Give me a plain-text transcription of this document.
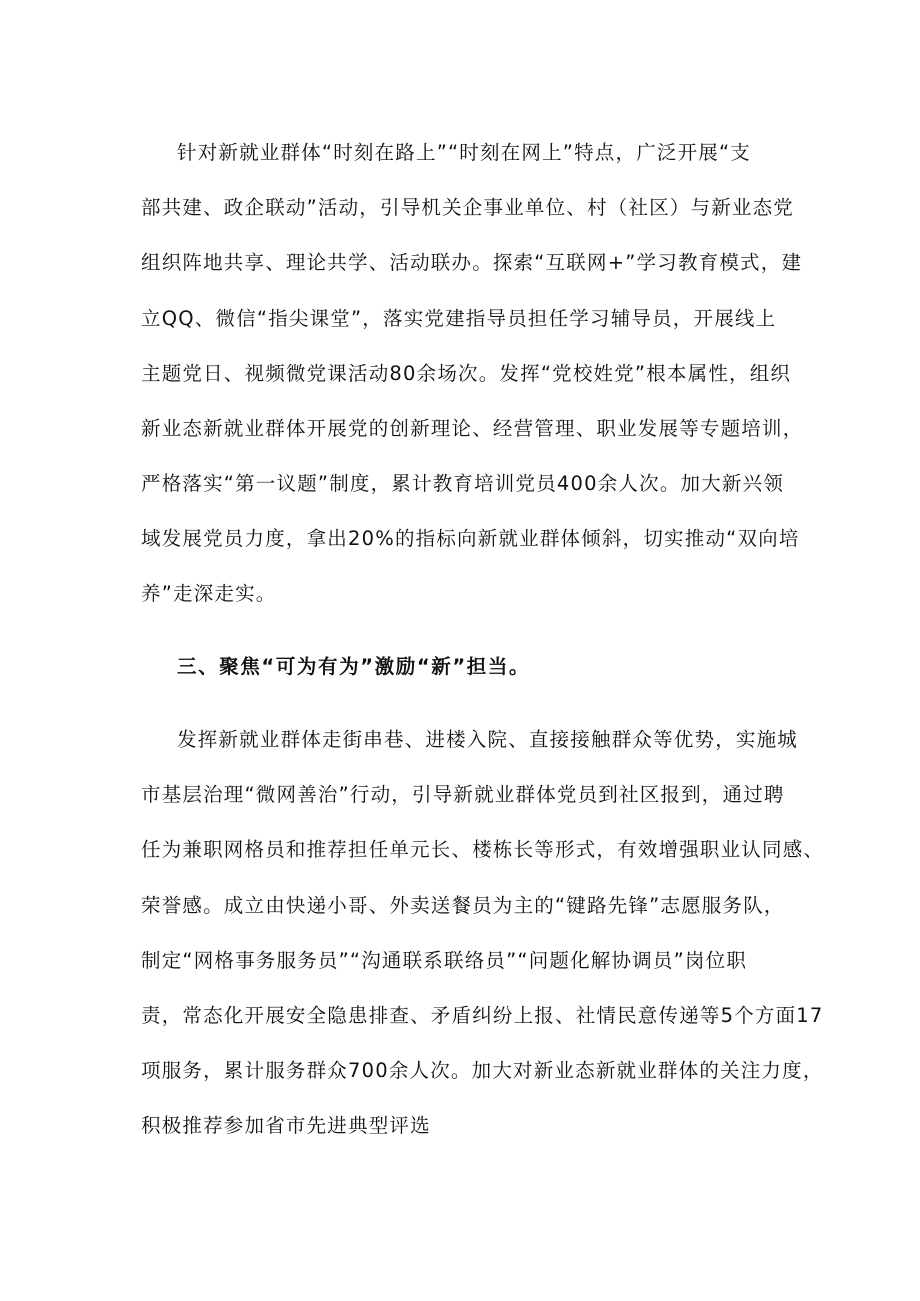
针对新就业群体“时刻在路上”“时刻在网上”特点，广泛开展“支
部共建、政企联动”活动，引导机关企事业单位、村（社区）与新业态党
组织阵地共享、理论共学、活动联办。探索“互联网+”学习教育模式，建
立QQ、微信“指尖课堂”，落实党建指导员担任学习辅导员，开展线上
主题党日、视频微党课活动80余场次。发挥“党校姓党”根本属性，组织
新业态新就业群体开展党的创新理论、经营管理、职业发展等专题培训，
严格落实“第一议题”制度，累计教育培训党员400余人次。加大新兴领
域发展党员力度，拿出20%的指标向新就业群体倾斜，切实推动“双向培
养”走深走实。
三、聚焦“可为有为”激励“新”担当。
发挥新就业群体走街串巷、进楼入院、直接接触群众等优势，实施城
市基层治理“微网善治”行动，引导新就业群体党员到社区报到，通过聘
任为兼职网格员和推荐担任单元长、楼栋长等形式，有效增强职业认同感、
荣誉感。成立由快递小哥、外卖送餐员为主的“键路先锋”志愿服务队，
制定“网格事务服务员”“沟通联系联络员”“问题化解协调员”岗位职
责，常态化开展安全隐患排查、矛盾纠纷上报、社情民意传递等5个方面17
项服务，累计服务群众700余人次。加大对新业态新就业群体的关注力度，
积极推荐参加省市先进典型评选
